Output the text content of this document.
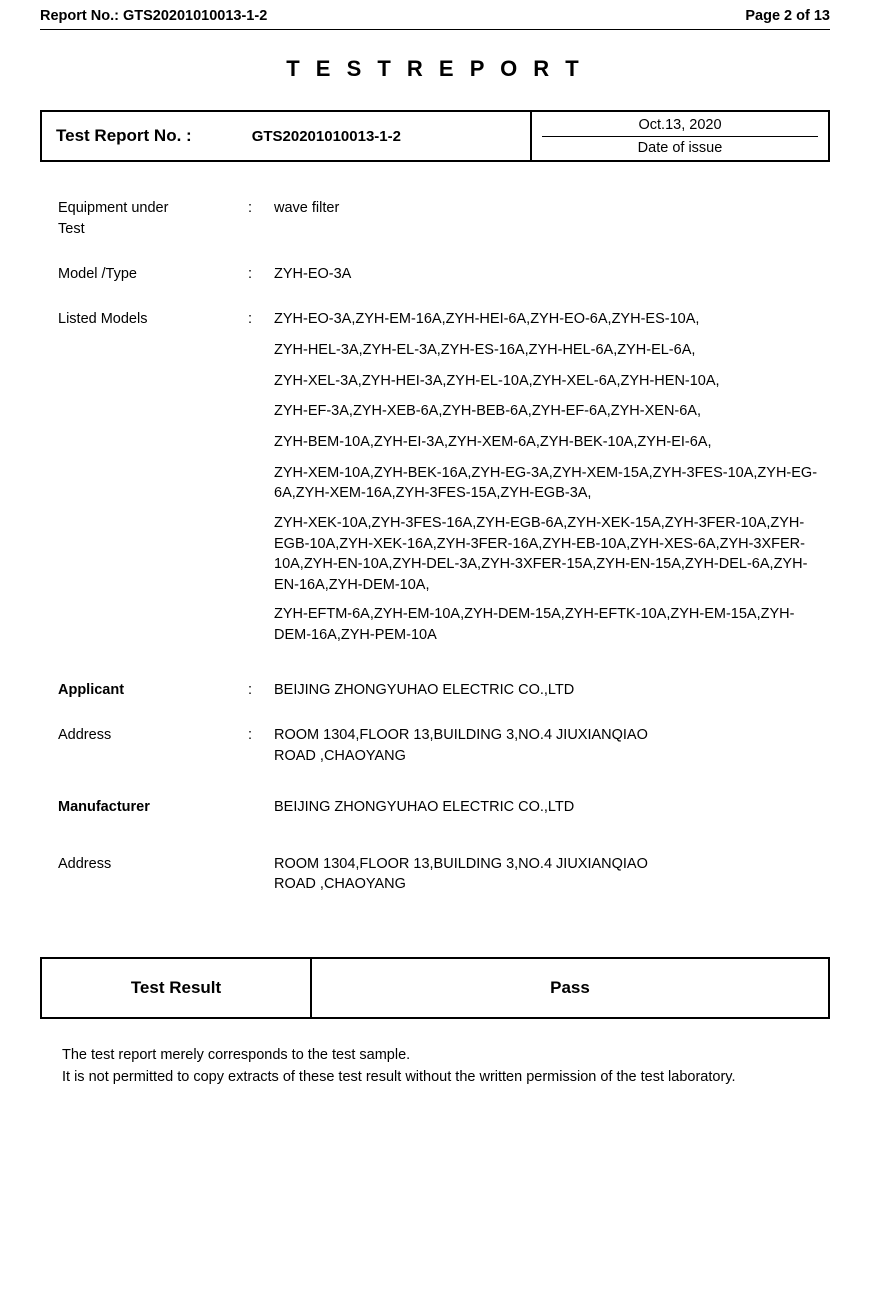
Report No.: GTS20201010013-1-2	Page 2 of 13
T E S T R E P O R T
Test Report No. :	GTS20201010013-1-2
Oct.13, 2020
Date of issue
Equipment under
Test
:	wave filter
Model /Type	:	ZYH-EO-3A
Listed Models	:	ZYH-EO-3A,ZYH-EM-16A,ZYH-HEI-6A,ZYH-EO-6A,ZYH-ES-10A,
ZYH-HEL-3A,ZYH-EL-3A,ZYH-ES-16A,ZYH-HEL-6A,ZYH-EL-6A,
ZYH-XEL-3A,ZYH-HEI-3A,ZYH-EL-10A,ZYH-XEL-6A,ZYH-HEN-10A,
ZYH-EF-3A,ZYH-XEB-6A,ZYH-BEB-6A,ZYH-EF-6A,ZYH-XEN-6A,
ZYH-BEM-10A,ZYH-EI-3A,ZYH-XEM-6A,ZYH-BEK-10A,ZYH-EI-6A,
ZYH-XEM-10A,ZYH-BEK-16A,ZYH-EG-3A,ZYH-XEM-15A,ZYH-3FES-10A,ZYH-EG-6A,ZYH-XEM-16A,ZYH-3FES-15A,ZYH-EGB-3A,
ZYH-XEK-10A,ZYH-3FES-16A,ZYH-EGB-6A,ZYH-XEK-15A,ZYH-3FER-10A,ZYH-EGB-10A,ZYH-XEK-16A,ZYH-3FER-16A,ZYH-EB-10A,ZYH-XES-6A,ZYH-3XFER-10A,ZYH-EN-10A,ZYH-DEL-3A,ZYH-3XFER-15A,ZYH-EN-15A,ZYH-DEL-6A,ZYH-EN-16A,ZYH-DEM-10A,
ZYH-EFTM-6A,ZYH-EM-10A,ZYH-DEM-15A,ZYH-EFTK-10A,ZYH-EM-15A,ZYH-DEM-16A,ZYH-PEM-10A
Applicant	:	BEIJING ZHONGYUHAO ELECTRIC CO.,LTD
Address	:	ROOM 1304,FLOOR 13,BUILDING 3,NO.4 JIUXIANQIAO
ROAD ,CHAOYANG
Manufacturer	BEIJING ZHONGYUHAO ELECTRIC CO.,LTD
Address	ROOM 1304,FLOOR 13,BUILDING 3,NO.4 JIUXIANQIAO
ROAD ,CHAOYANG
Test Result	Pass
The test report merely corresponds to the test sample.
It is not permitted to copy extracts of these test result without the written permission of the test laboratory.
